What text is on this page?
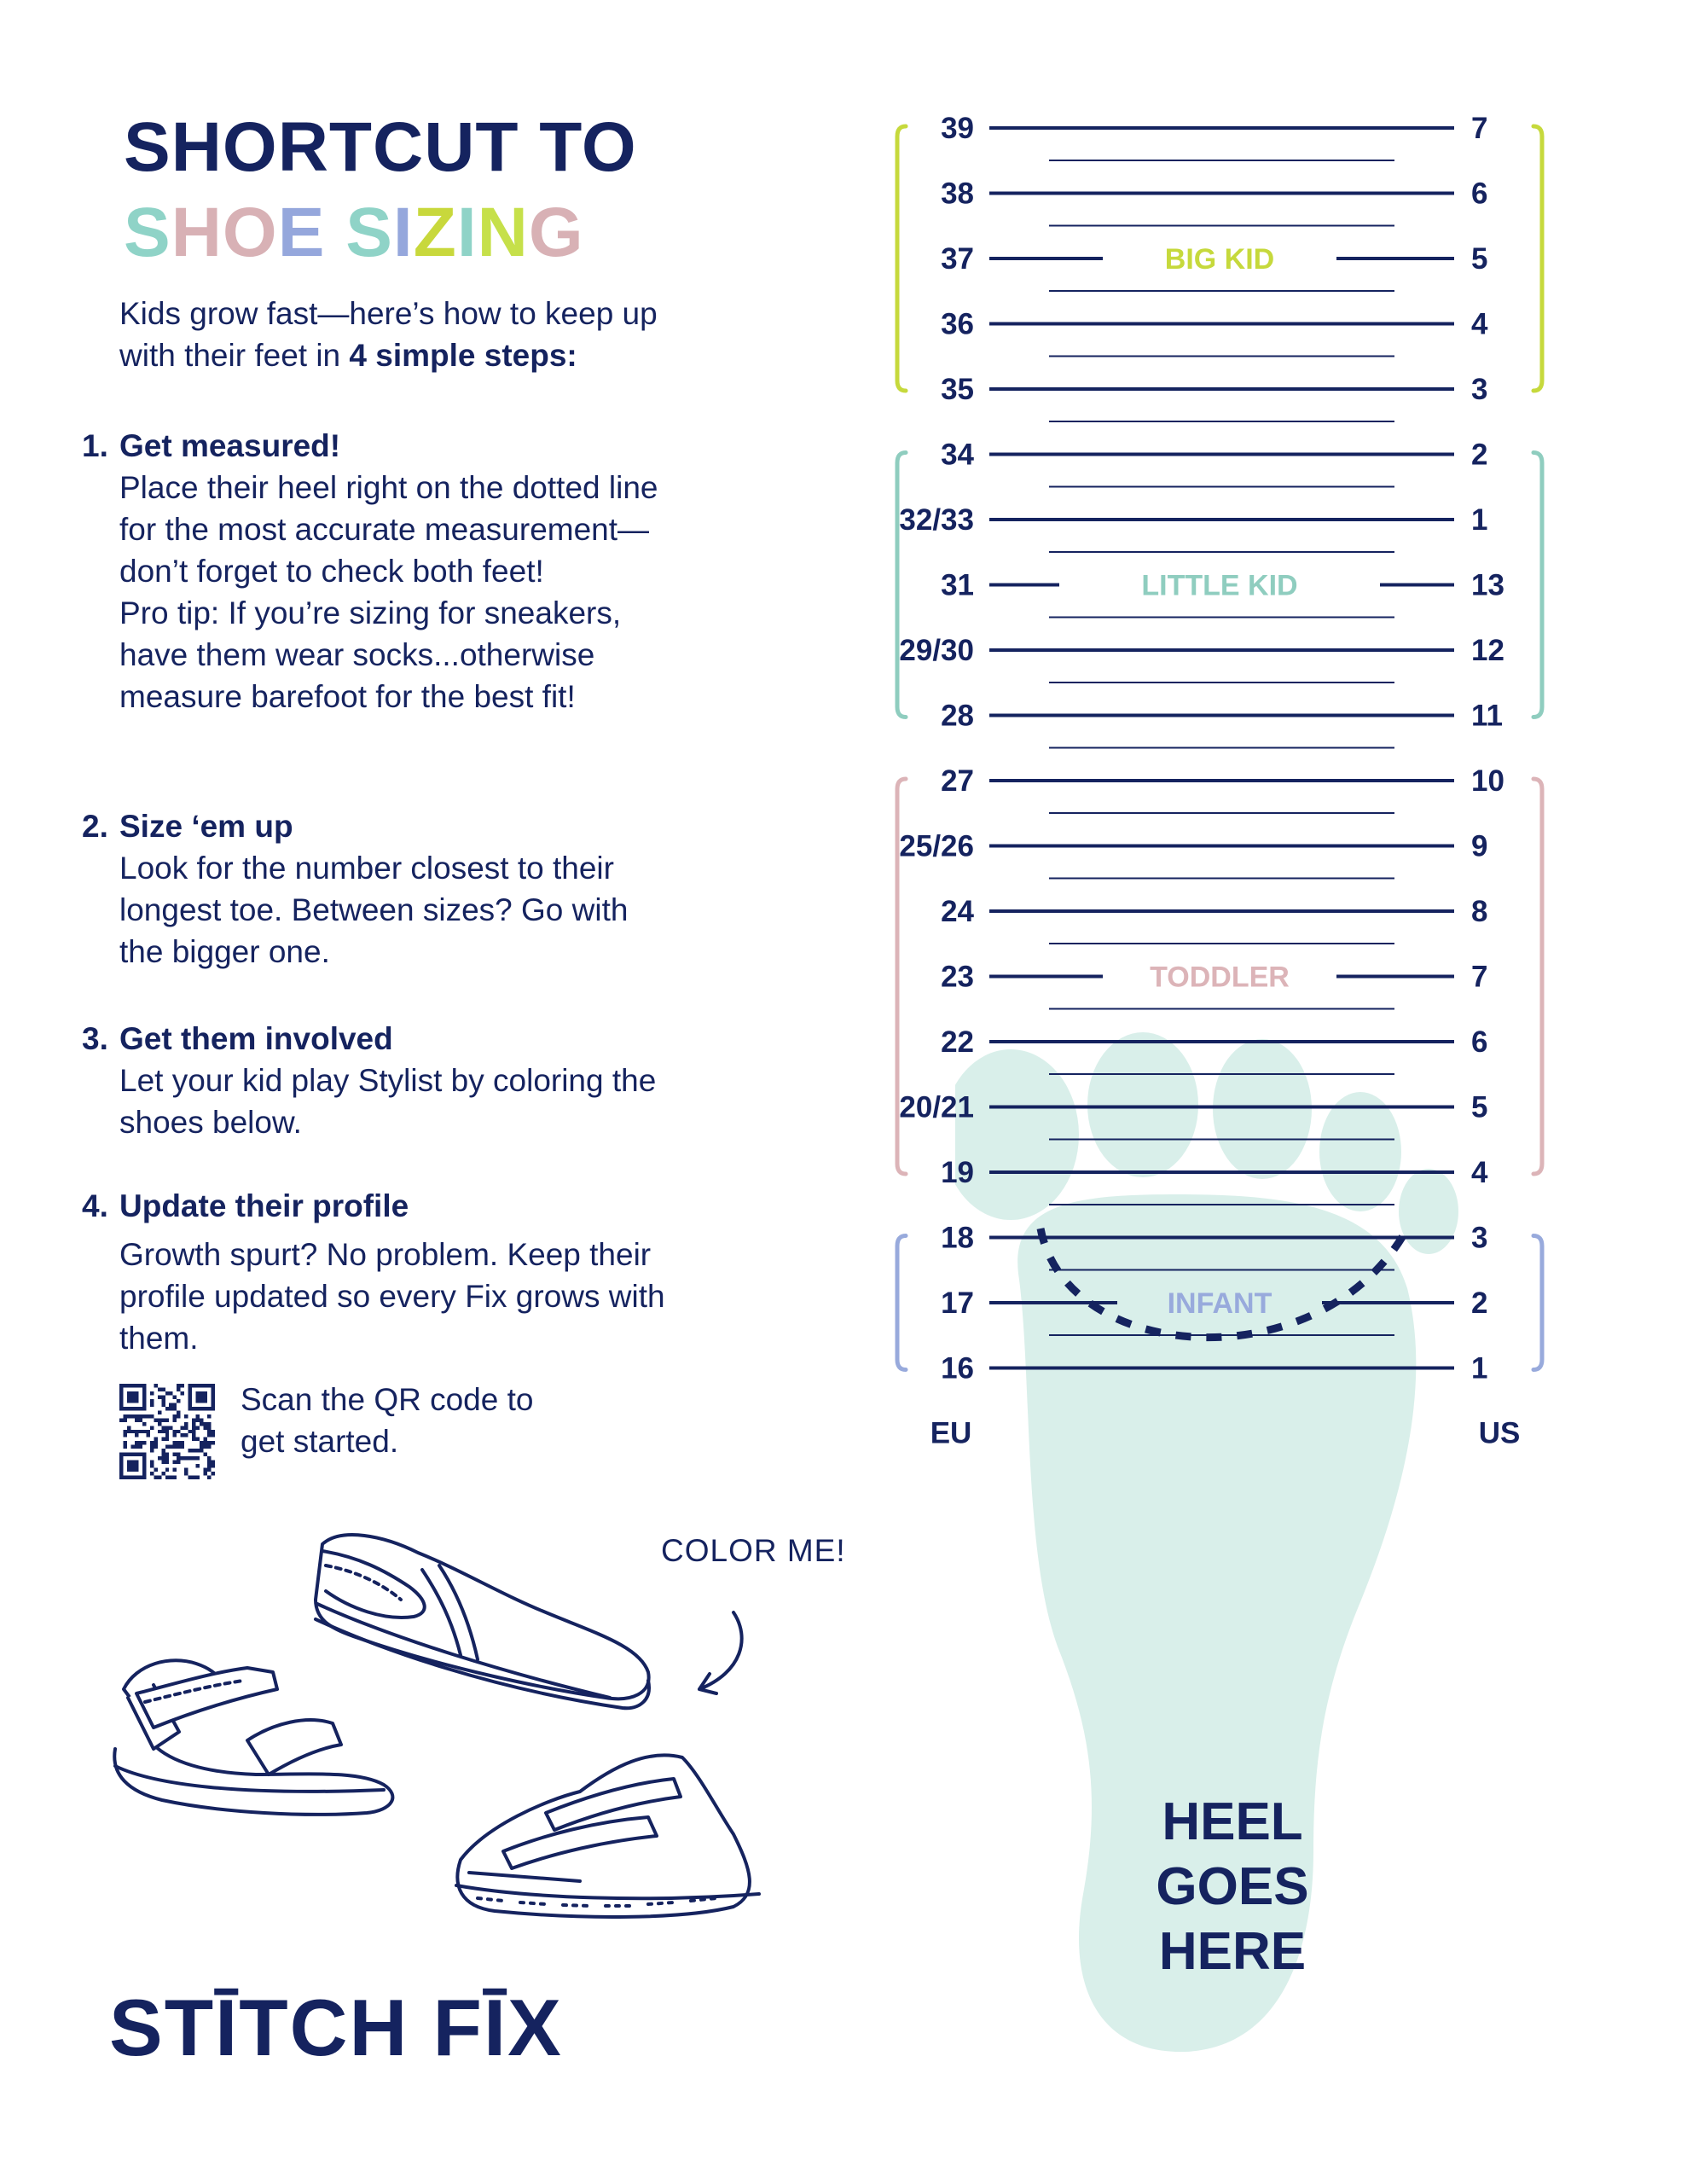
SHORTCUT TO
SHOE SIZING

Kids grow fast—here’s how to keep up with their feet in 4 simple steps:

1. Get measured!

Place their heel right on the dotted line for the most accurate measurement—don’t forget to check both feet!

Pro tip: If you’re sizing for sneakers, have them wear socks...otherwise measure barefoot for the best fit!

2. Size ‘em up

Look for the number closest to their longest toe. Between sizes? Go with the bigger one.

3. Get them involved

Let your kid play Stylist by coloring the shoes below.

4. Update their profile

Growth spurt? No problem. Keep their profile updated so every Fix grows with them.

Scan the QR code to get started.

COLOR ME!
STĪTCH FĪX
39	7
38	6
BIG KID
37	5
36	4
35	3
34	2
32/33	1
LITTLE KID
31	13
29/30	12
28	11
27	10
25/26	9
24	8
TODDLER
23	7
22	6
20/21	5
19	4
18	3
INFANT
17	2
16	1
EU	US
HEEL
GOES
HERE
